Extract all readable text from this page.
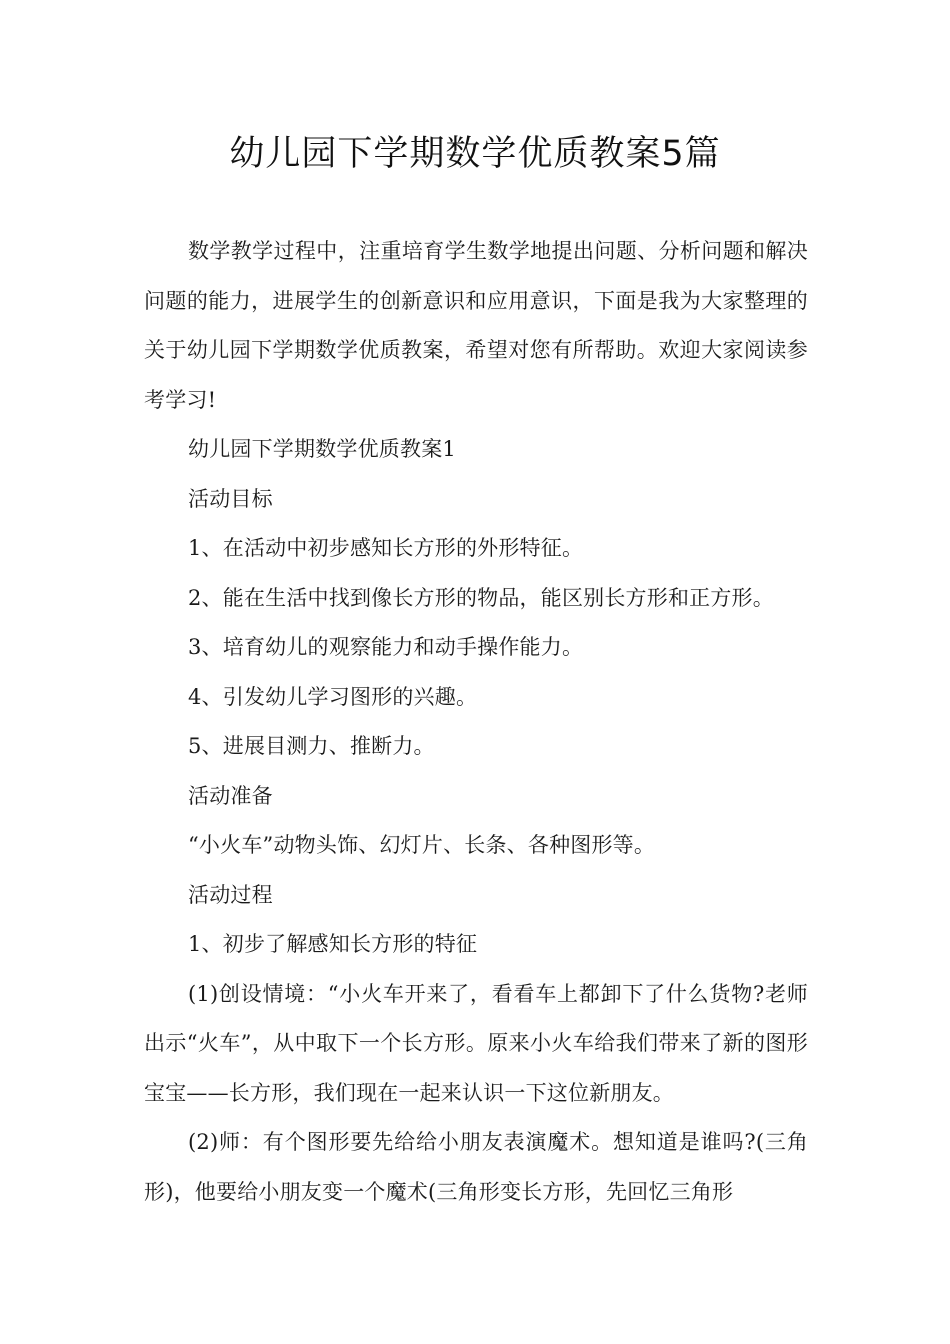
幼儿园下学期数学优质教案5篇

数学教学过程中，注重培育学生数学地提出问题、分析问题和解决问题的能力，进展学生的创新意识和应用意识，下面是我为大家整理的关于幼儿园下学期数学优质教案，希望对您有所帮助。欢迎大家阅读参考学习!

幼儿园下学期数学优质教案1

活动目标

1、在活动中初步感知长方形的外形特征。

2、能在生活中找到像长方形的物品，能区别长方形和正方形。

3、培育幼儿的观察能力和动手操作能力。

4、引发幼儿学习图形的兴趣。

5、进展目测力、推断力。

活动准备

“小火车”动物头饰、幻灯片、长条、各种图形等。

活动过程

1、初步了解感知长方形的特征

(1)创设情境：“小火车开来了，看看车上都卸下了什么货物?老师出示“火车”，从中取下一个长方形。原来小火车给我们带来了新的图形宝宝——长方形，我们现在一起来认识一下这位新朋友。

(2)师：有个图形要先给给小朋友表演魔术。想知道是谁吗?(三角形)，他要给小朋友变一个魔术(三角形变长方形，先回忆三角形
